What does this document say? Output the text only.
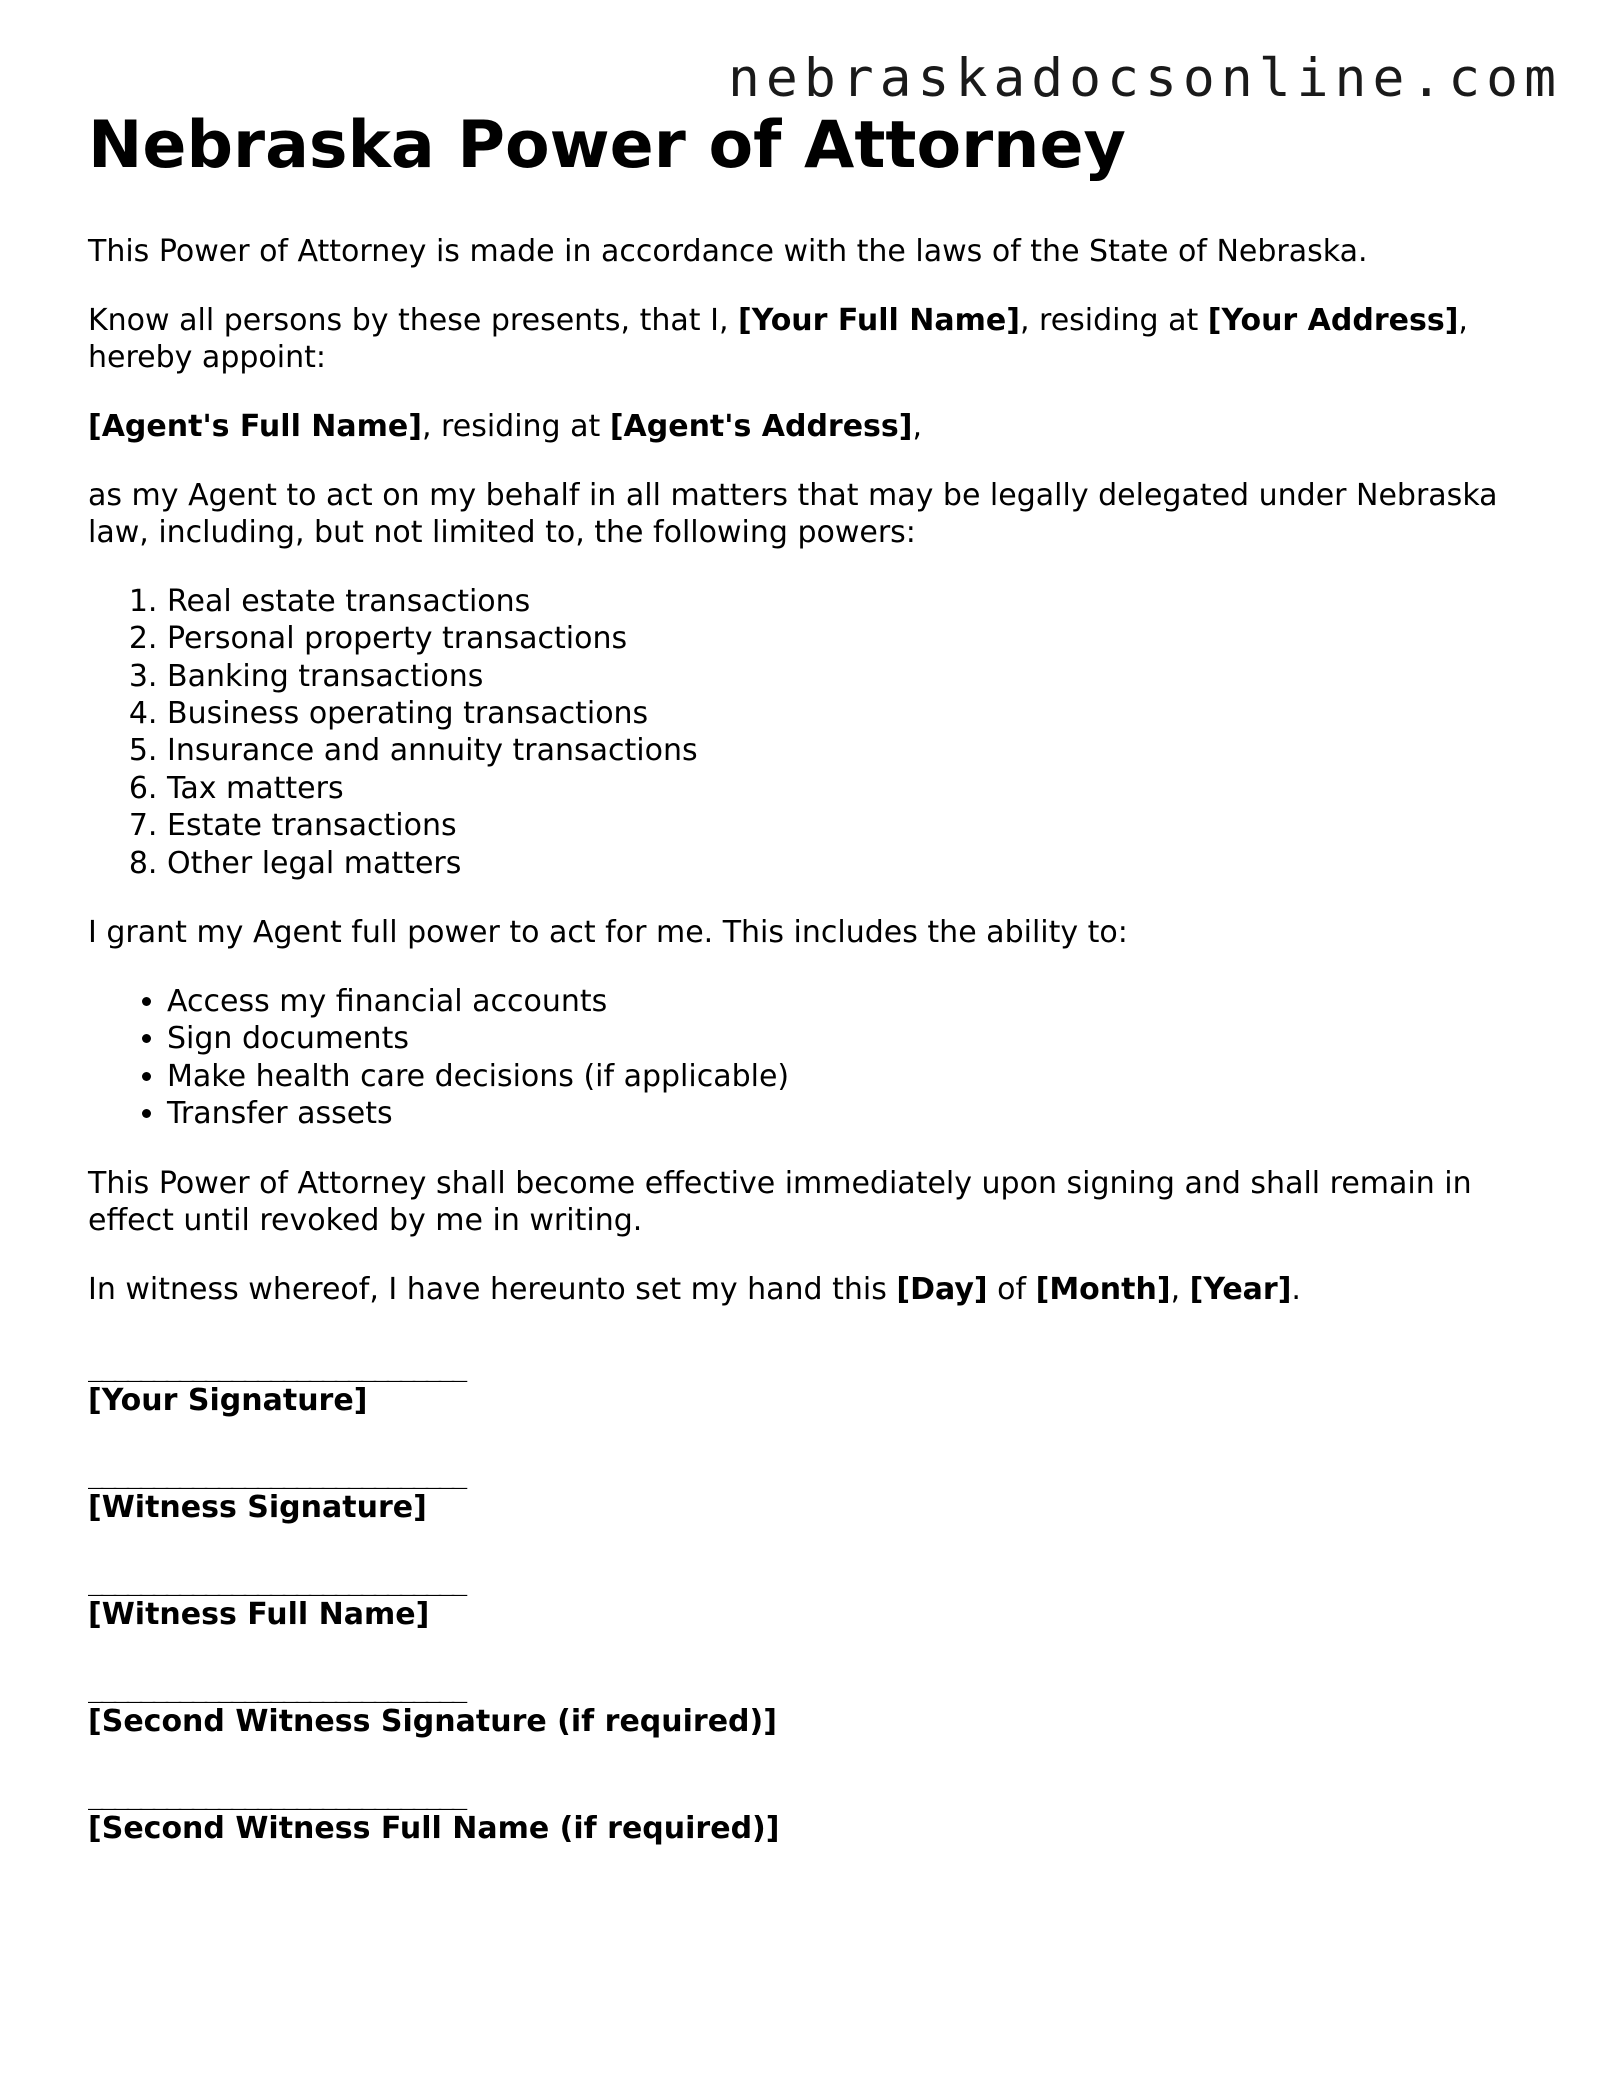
nebraskadocsonline.com
Nebraska Power of Attorney

This Power of Attorney is made in accordance with the laws of the State of Nebraska.

Know all persons by these presents, that I, [Your Full Name], residing at [Your Address], hereby appoint:

[Agent's Full Name], residing at [Agent's Address],

as my Agent to act on my behalf in all matters that may be legally delegated under Nebraska law, including, but not limited to, the following powers:

1. Real estate transactions
2. Personal property transactions
3. Banking transactions
4. Business operating transactions
5. Insurance and annuity transactions
6. Tax matters
7. Estate transactions
8. Other legal matters

I grant my Agent full power to act for me. This includes the ability to:

• Access my financial accounts
• Sign documents
• Make health care decisions (if applicable)
• Transfer assets

This Power of Attorney shall become effective immediately upon signing and shall remain in effect until revoked by me in writing.

In witness whereof, I have hereunto set my hand this [Day] of [Month], [Year].

_____________________________
[Your Signature]
_____________________________
[Witness Signature]
_____________________________
[Witness Full Name]
_____________________________
[Second Witness Signature (if required)]
_____________________________
[Second Witness Full Name (if required)]
